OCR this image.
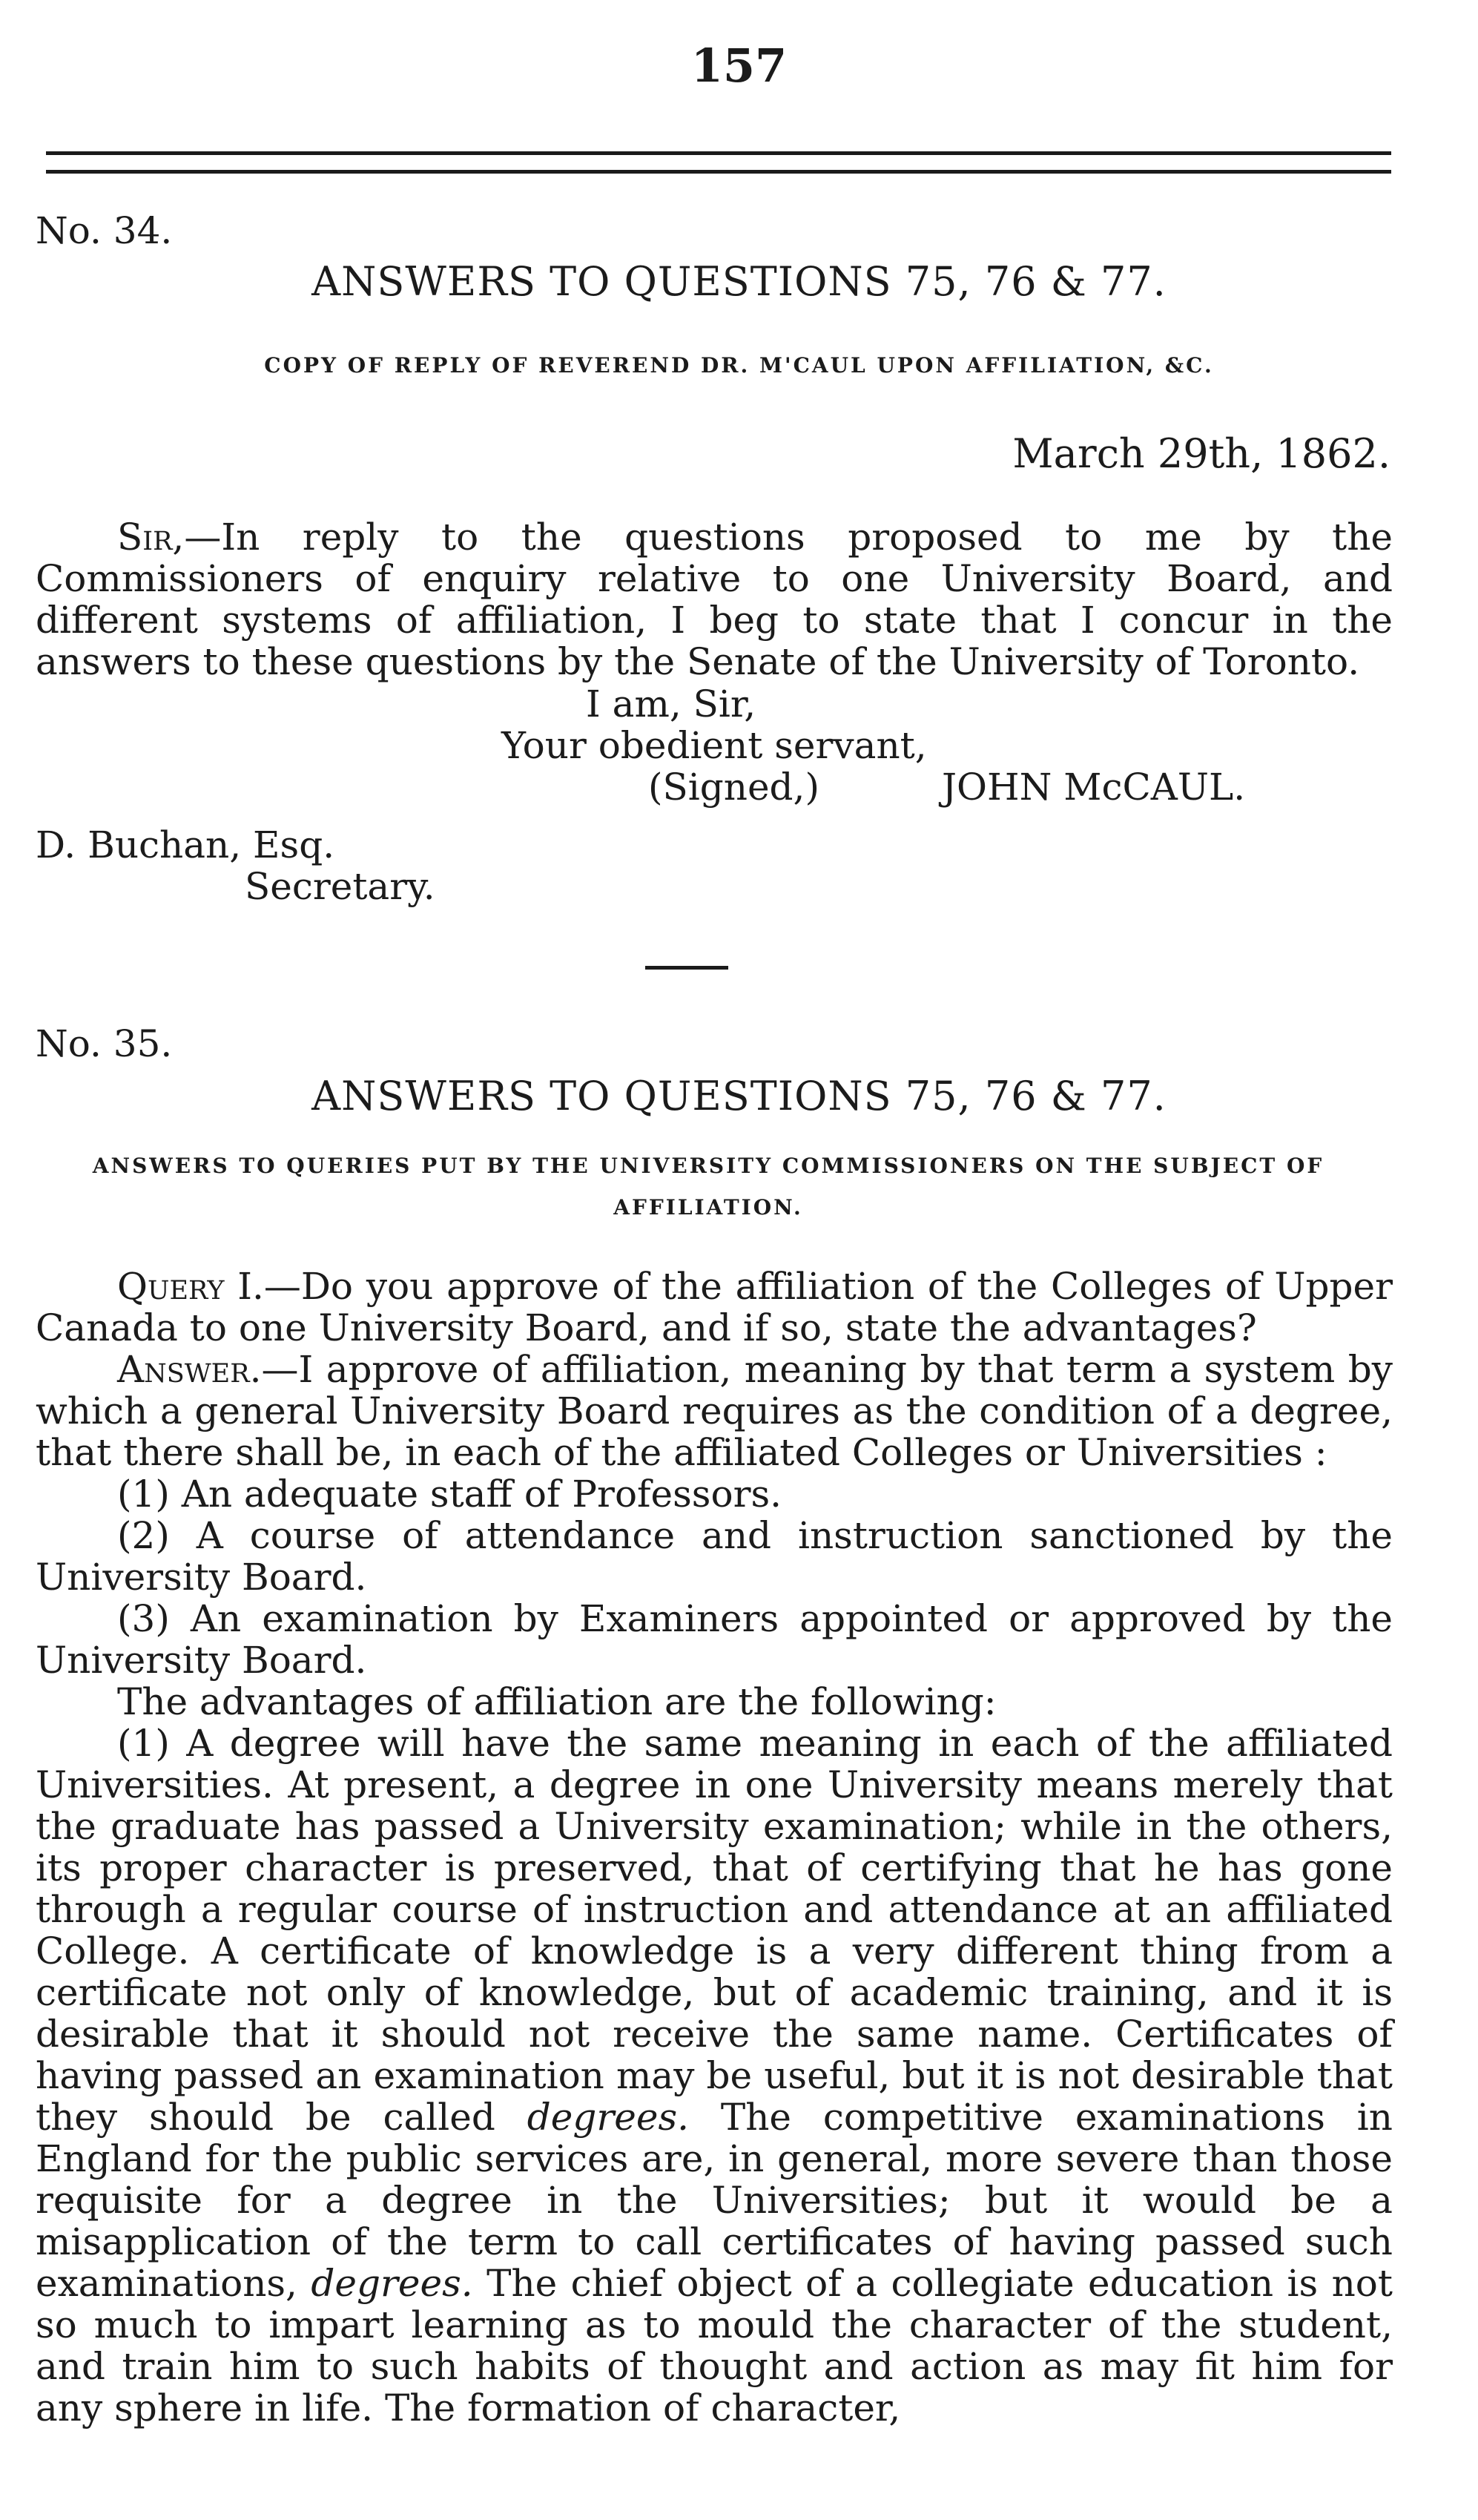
157
No. 34.
ANSWERS TO QUESTIONS 75, 76 & 77.
COPY OF REPLY OF REVEREND DR. M'CAUL UPON AFFILIATION, &C.
March 29th, 1862.
Sir,—In reply to the questions proposed to me by the Commissioners of enquiry relative to one University Board, and different systems of affiliation, I beg to state that I concur in the answers to these questions by the Senate of the University of Toronto.
I am, Sir,
Your obedient servant,
(Signed,)	JOHN McCAUL.
D. Buchan, Esq.
Secretary.
No. 35.
ANSWERS TO QUESTIONS 75, 76 & 77.
ANSWERS TO QUERIES PUT BY THE UNIVERSITY COMMISSIONERS ON THE SUBJECT OF AFFILIATION.
Query I.—Do you approve of the affiliation of the Colleges of Upper Canada to one University Board, and if so, state the advantages?
Answer.—I approve of affiliation, meaning by that term a system by which a general University Board requires as the condition of a degree, that there shall be, in each of the affiliated Colleges or Universities :
(1) An adequate staff of Professors.
(2) A course of attendance and instruction sanctioned by the University Board.
(3) An examination by Examiners appointed or approved by the University Board.
The advantages of affiliation are the following:
(1) A degree will have the same meaning in each of the affiliated Universities. At present, a degree in one University means merely that the graduate has passed a University examination; while in the others, its proper character is preserved, that of certifying that he has gone through a regular course of instruction and attendance at an affiliated College. A certificate of knowledge is a very different thing from a certificate not only of knowledge, but of academic training, and it is desirable that it should not receive the same name. Certificates of having passed an examination may be useful, but it is not desirable that they should be called degrees. The competitive examinations in England for the public services are, in general, more severe than those requisite for a degree in the Universities; but it would be a misapplication of the term to call certificates of having passed such examinations, degrees. The chief object of a collegiate education is not so much to impart learning as to mould the character of the student, and train him to such habits of thought and action as may fit him for any sphere in life. The formation of character,
